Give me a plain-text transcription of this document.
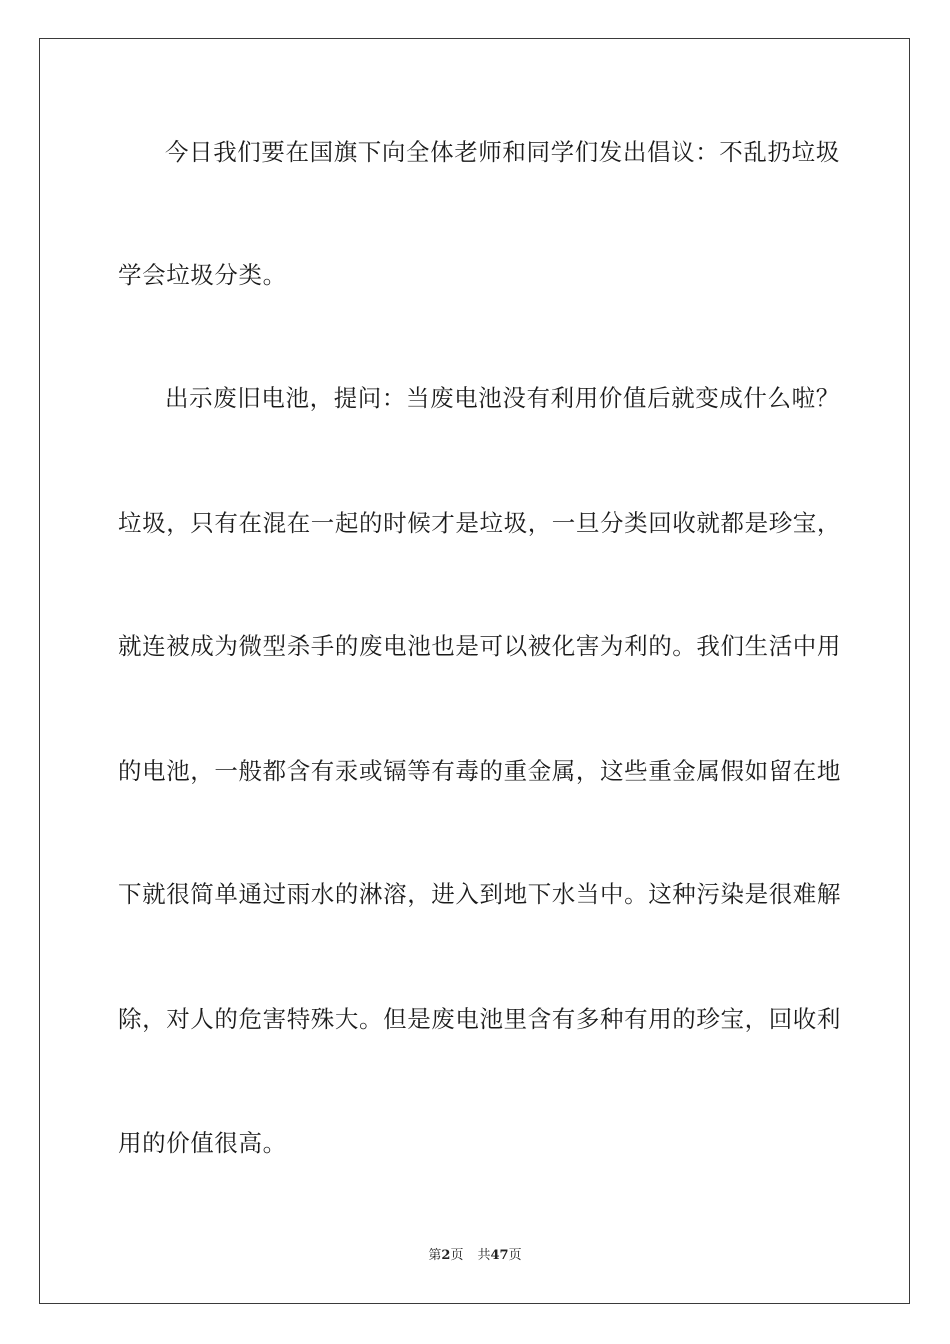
今日我们要在国旗下向全体老师和同学们发出倡议：不乱扔垃圾
学会垃圾分类。
出示废旧电池，提问：当废电池没有利用价值后就变成什么啦？
垃圾，只有在混在一起的时候才是垃圾，一旦分类回收就都是珍宝，
就连被成为微型杀手的废电池也是可以被化害为利的。我们生活中用
的电池，一般都含有汞或镉等有毒的重金属，这些重金属假如留在地
下就很简单通过雨水的淋溶，进入到地下水当中。这种污染是很难解
除，对人的危害特殊大。但是废电池里含有多种有用的珍宝，回收利
用的价值很高。
第2页 共47页
